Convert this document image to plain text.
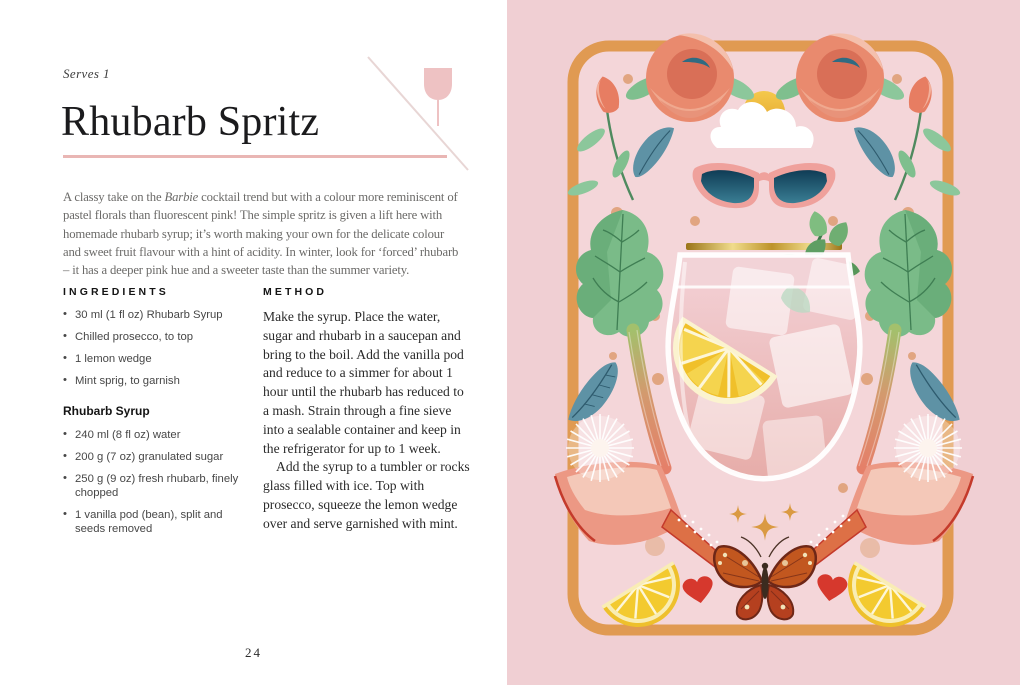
Serves 1
Rhubarb Spritz

A classy take on the Barbie cocktail trend but with a colour more reminiscent of pastel florals than fluorescent pink! The simple spritz is given a lift here with homemade rhubarb syrup; it’s worth making your own for the delicate colour and sweet fruit flavour with a hint of acidity. In winter, look for ‘forced’ rhubarb – it has a deeper pink hue and a sweeter taste than the summer variety.

INGREDIENTS
• 30 ml (1 fl oz) Rhubarb Syrup
• Chilled prosecco, to top
• 1 lemon wedge
• Mint sprig, to garnish
Rhubarb Syrup
• 240 ml (8 fl oz) water
• 200 g (7 oz) granulated sugar
• 250 g (9 oz) fresh rhubarb, finely chopped
• 1 vanilla pod (bean), split and seeds removed
METHOD

Make the syrup. Place the water, sugar and rhubarb in a saucepan and bring to the boil. Add the vanilla pod and reduce to a simmer for about 1 hour until the rhubarb has reduced to a mash. Strain through a fine sieve into a sealable container and keep in the refrigerator for up to 1 week.

Add the syrup to a tumbler or rocks glass filled with ice. Top with prosecco, squeeze the lemon wedge over and serve garnished with mint.

24
